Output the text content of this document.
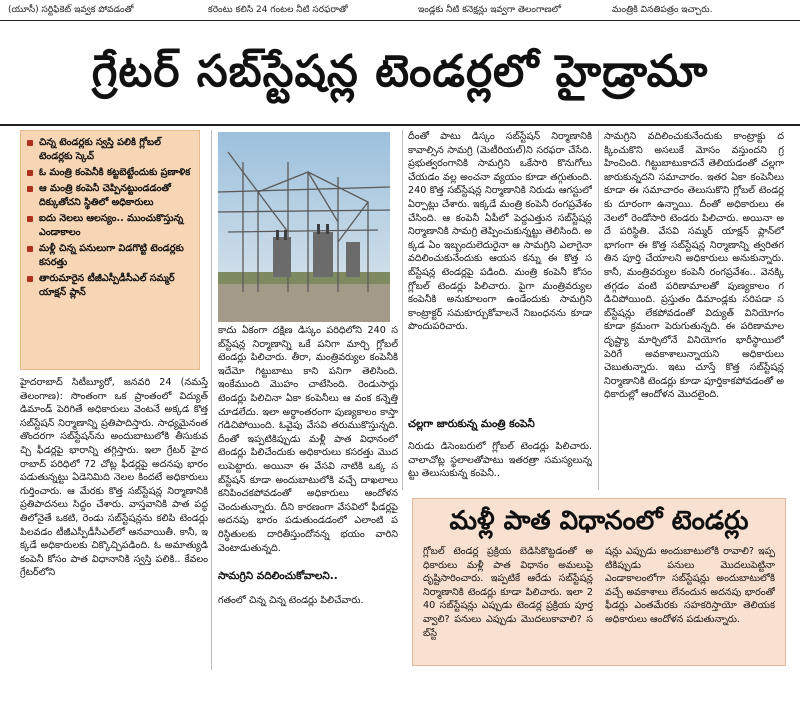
(యూసీ) సర్టిఫికెట్ ఇవ్వక పోవడంతో	కరెంటు కలిసి 24 గంటల నీటి సరఫరాతో	ఇండ్లకు నీటి కనెక్షన్లు ఇవ్వగా తెలంగాణలో	మంత్రికి వినతిపత్రం ఇచ్చారు.
గ్రేటర్ సబ్‌స్టేషన్ల టెండర్లలో హైడ్రామా
చిన్న టెండర్లకు స్వస్తి పలికి గ్లోబల్ టెండర్లకు స్కెచ్
ఓ మంత్రి కంపెనీకి కట్టబెట్టేందుకు ప్రణాళిక
ఆ మంత్రి కంపెనీ చెప్పినట్టుండడంతో దిక్కుతోచని స్థితిలో అధికారులు
ఐదు నెలలు ఆలస్యం.. ముంచుకొస్తున్న ఎండాకాలం
మళ్లీ చిన్న పనులుగా విడగొట్టి టెండర్లకు కసరత్తు
తారుమారైన టీజీఎస్పీడీసీఎల్ సమ్మర్ యాక్షన్ ప్లాన్
హైదరాబాద్ సిటీబ్యూరో, జనవరి 24 (నమస్తే తెలంగాణ): సొంతంగా ఒక ప్రాంతంలో విద్యుత్ డిమాండ్ పెరిగితే అధికారులు వెంటనే అక్కడ కొత్త సబ్‌స్టేషన్ నిర్మాణాన్ని ప్రతిపాదిస్తారు. సాధ్యమైనంత తొందరగా సబ్‌స్టేషన్‌ను అందుబాటులోకి తీసుకువచ్చి ఫీడర్లపై భారాన్ని తగ్గిస్తారు. ఇలా గ్రేటర్ హైదరాబాద్ పరిధిలో 72 చోట్ల ఫీడర్లపై అదనపు భారం పడుతున్నట్టు ఏడెనిమిది నెలల కిందటే అధికారులు గుర్తించారు. ఆ మేరకు కొత్త సబ్‌స్టేషన్ల నిర్మాణానికి ప్రతిపాదనలు సిద్ధం చేశారు. వాస్తవానికి పాత పద్ధతిలోనైతే ఒకటి, రెండు సబ్‌స్టేషన్లను కలిపి టెండర్లు పిలవడం టీజీఎస్పీడీసీఎల్‌లో ఆనవాయితీ. కానీ, ఇక్కడే అధికారులకు చిక్కొచ్చిపడింది. ఓ అమాత్యుడి కంపెనీ కోసం పాత విధానానికి స్వస్తి పలికి.. కేవలం గ్రేటర్‌లోని
కాదు ఏకంగా దక్షిణ డిస్కం పరిధిలోని 240 సబ్‌స్టేషన్ల నిర్మాణాన్ని ఒకే పనిగా మార్చి గ్లోబల్ టెండర్లు పిలిచారు. తీరా, మంత్రివర్యుల కంపెనీకి ఇదేమో గిట్టుబాటు కాని పనిగా తెలిసింది. ఇంకేముంది మొహం చాటేసింది. రెండుసార్లు టెండర్లు పిలిచినా ఏకా కంపెనీలు ఆ వంక కన్నెత్తి చూడలేదు. ఇలా అర్థాంతరంగా పుణ్యకాలం కాస్తా గడిచిపోయింది. ఓవైపు వేసవి తరుముకొస్తున్నది. దీంతో ఇప్పటికిప్పుడు మళ్లీ పాత విధానంలో టెండర్లు పిలిచేందుకు అధికారులు కసరత్తు మొదలుపెట్టారు. అయినా ఈ వేసవి నాటికి ఒక్క సబ్‌స్టేషన్ కూడా అందుబాటులోకి వచ్చే దాఖలాలు కనిపించకపోవడంతో అధికారులు ఆందోళన చెందుతున్నారు. దీని కారణంగా వేసవిలో ఫీడర్లపై అదనపు భారం పడుతుండడంలో ఎలాంటి పరిస్థితులకు దారితీస్తుందోనన్న భయం వారిని వెంటాడుతున్నది.
సామగ్రిని వదిలించుకోవాలని..
గతంలో చిన్న చిన్న టెండర్లు పిలిచేవారు.
దీంతో పాటు డిస్కం సబ్‌స్టేషన్ నిర్మాణానికి కావాల్సిన సామగ్రి (మెటీరియల్)ని సరఫరా చేసేది. ప్రభుత్వరంగానికి సామగ్రిని ఒకేసారి కొనుగోలు చేయడం వల్ల అంచనా వ్యయం కూడా తగ్గుతుంది. 240 కొత్త సబ్‌స్టేషన్ల నిర్మాణానికి నిరుడు ఆగస్టులో ఏర్పాట్లు చేశారు. ఇక్కడే మంత్రి కంపెనీ రంగప్రవేశం చేసింది. ఆ కంపెనీ ఏపీలో పెద్దఎత్తున సబ్‌స్టేషన్ల నిర్మాణానికి సామగ్రి తెప్పించుకున్నట్టు తెలిసింది. అక్కడ ఏం ఇబ్బందులెదురైనా ఆ సామగ్రిని ఎలాగైనా వదిలించుకునేందుకు ఆయన కన్ను ఈ కొత్త సబ్‌స్టేషన్ల టెండర్లపై పడింది. మంత్రి కంపెనీ కోసం గ్లోబల్ టెండర్లు పిలిచారు. పైగా మంత్రివర్యుల కంపెనీకి అనుకూలంగా ఉండేందుకు సామగ్రిని కాంట్రాక్టర్ సమకూర్చుకోవాలనే నిబంధనను కూడా పొందుపరిచారు.
చల్లగా జారుకున్న మంత్రి కంపెనీ
నిరుడు డిసెంబరులో గ్లోబల్ టెండర్లు పిలిచారు. చాలాచోట్ల స్థలాలతోపాటు ఇతరత్రా సమస్యలున్నట్టు తెలుసుకున్న కంపెనీ..
సామగ్రిని వదిలించుకునేందుకు కాంట్రాక్టు దక్కించుకొని అసలుకే మోసం వస్తుందని గ్రహించింది. గిట్టుబాటుకాదనే తెలియడంతో చల్లగా జారుకున్నదని సమాచారం. ఇతర ఏకా కంపెనీలు కూడా ఈ సమాచారం తెలుసుకొని గ్లోబల్ టెండర్లకు దూరంగా ఉన్నాయి. దీంతో అధికారులు ఈ నెలలో రెండోసారి టెండరు పిలిచారు. అయినా అదే పరిస్థితి. వేసవి సమ్మర్ యాక్షన్ ప్లాన్‌లో భాగంగా ఈ కొత్త సబ్‌స్టేషన్ల నిర్మాణాన్ని త్వరితగతిన పూర్తి చేయాలని అధికారులు అనుకున్నారు. కానీ, మంత్రివర్యుల కంపెనీ రంగప్రవేశం.. వెనక్కి తగ్గడం వంటి పరిణామాలతో పుణ్యకాలం గడిచిపోయింది. ప్రస్తుతం డిమాండ్లకు సరిపడా సబ్‌స్టేషన్లు లేకపోవడంతో విద్యుత్ వినియోగం కూడా క్రమంగా పెరుగుతున్నది. ఈ పరిణామాల దృష్ట్యా మార్చిలోనే వినియోగం భారీస్థాయిలో పెరిగే అవకాశాలున్నాయని అధికారులు చెబుతున్నారు. ఇటు చూస్తే కొత్త సబ్‌స్టేషన్ల నిర్మాణానికి టెండర్లు కూడా పూర్తికాకపోవడంతో అధికారుల్లో ఆందోళన మొదలైంది.
మళ్లీ పాత విధానంలో టెండర్లు
గ్లోబల్ టెండర్ల ప్రక్రియ బెడిసికొట్టడంతో అధికారులు మళ్లీ పాత విధానం అమలుపై దృష్టిసారించారు. ఇప్పటికే ఆరేడు సబ్‌స్టేషన్ల నిర్మాణానికి టెండర్లు కూడా పిలిచారు. ఇలా 240 సబ్‌స్టేషన్లు ఎప్పుడు టెండర్ల ప్రక్రియ పూర్తవ్వాలి? పనులు ఎప్పుడు మొదలుకావాలి? సబ్‌స్టే
షన్లు ఎప్పుడు అందుబాటులోకి రావాలి? ఇప్పటికిప్పుడు పనులు మొదలుపెట్టినా ఎండాకాలంలోగా సబ్‌స్టేషన్లు అందుబాటులోకి వచ్చే అవకాశాలు లేనందున అదనపు భారంతో ఫీడర్లు ఎంతమేరకు సహకరిస్తాయో తెలియక అధికారులు ఆందోళన పడుతున్నారు.
